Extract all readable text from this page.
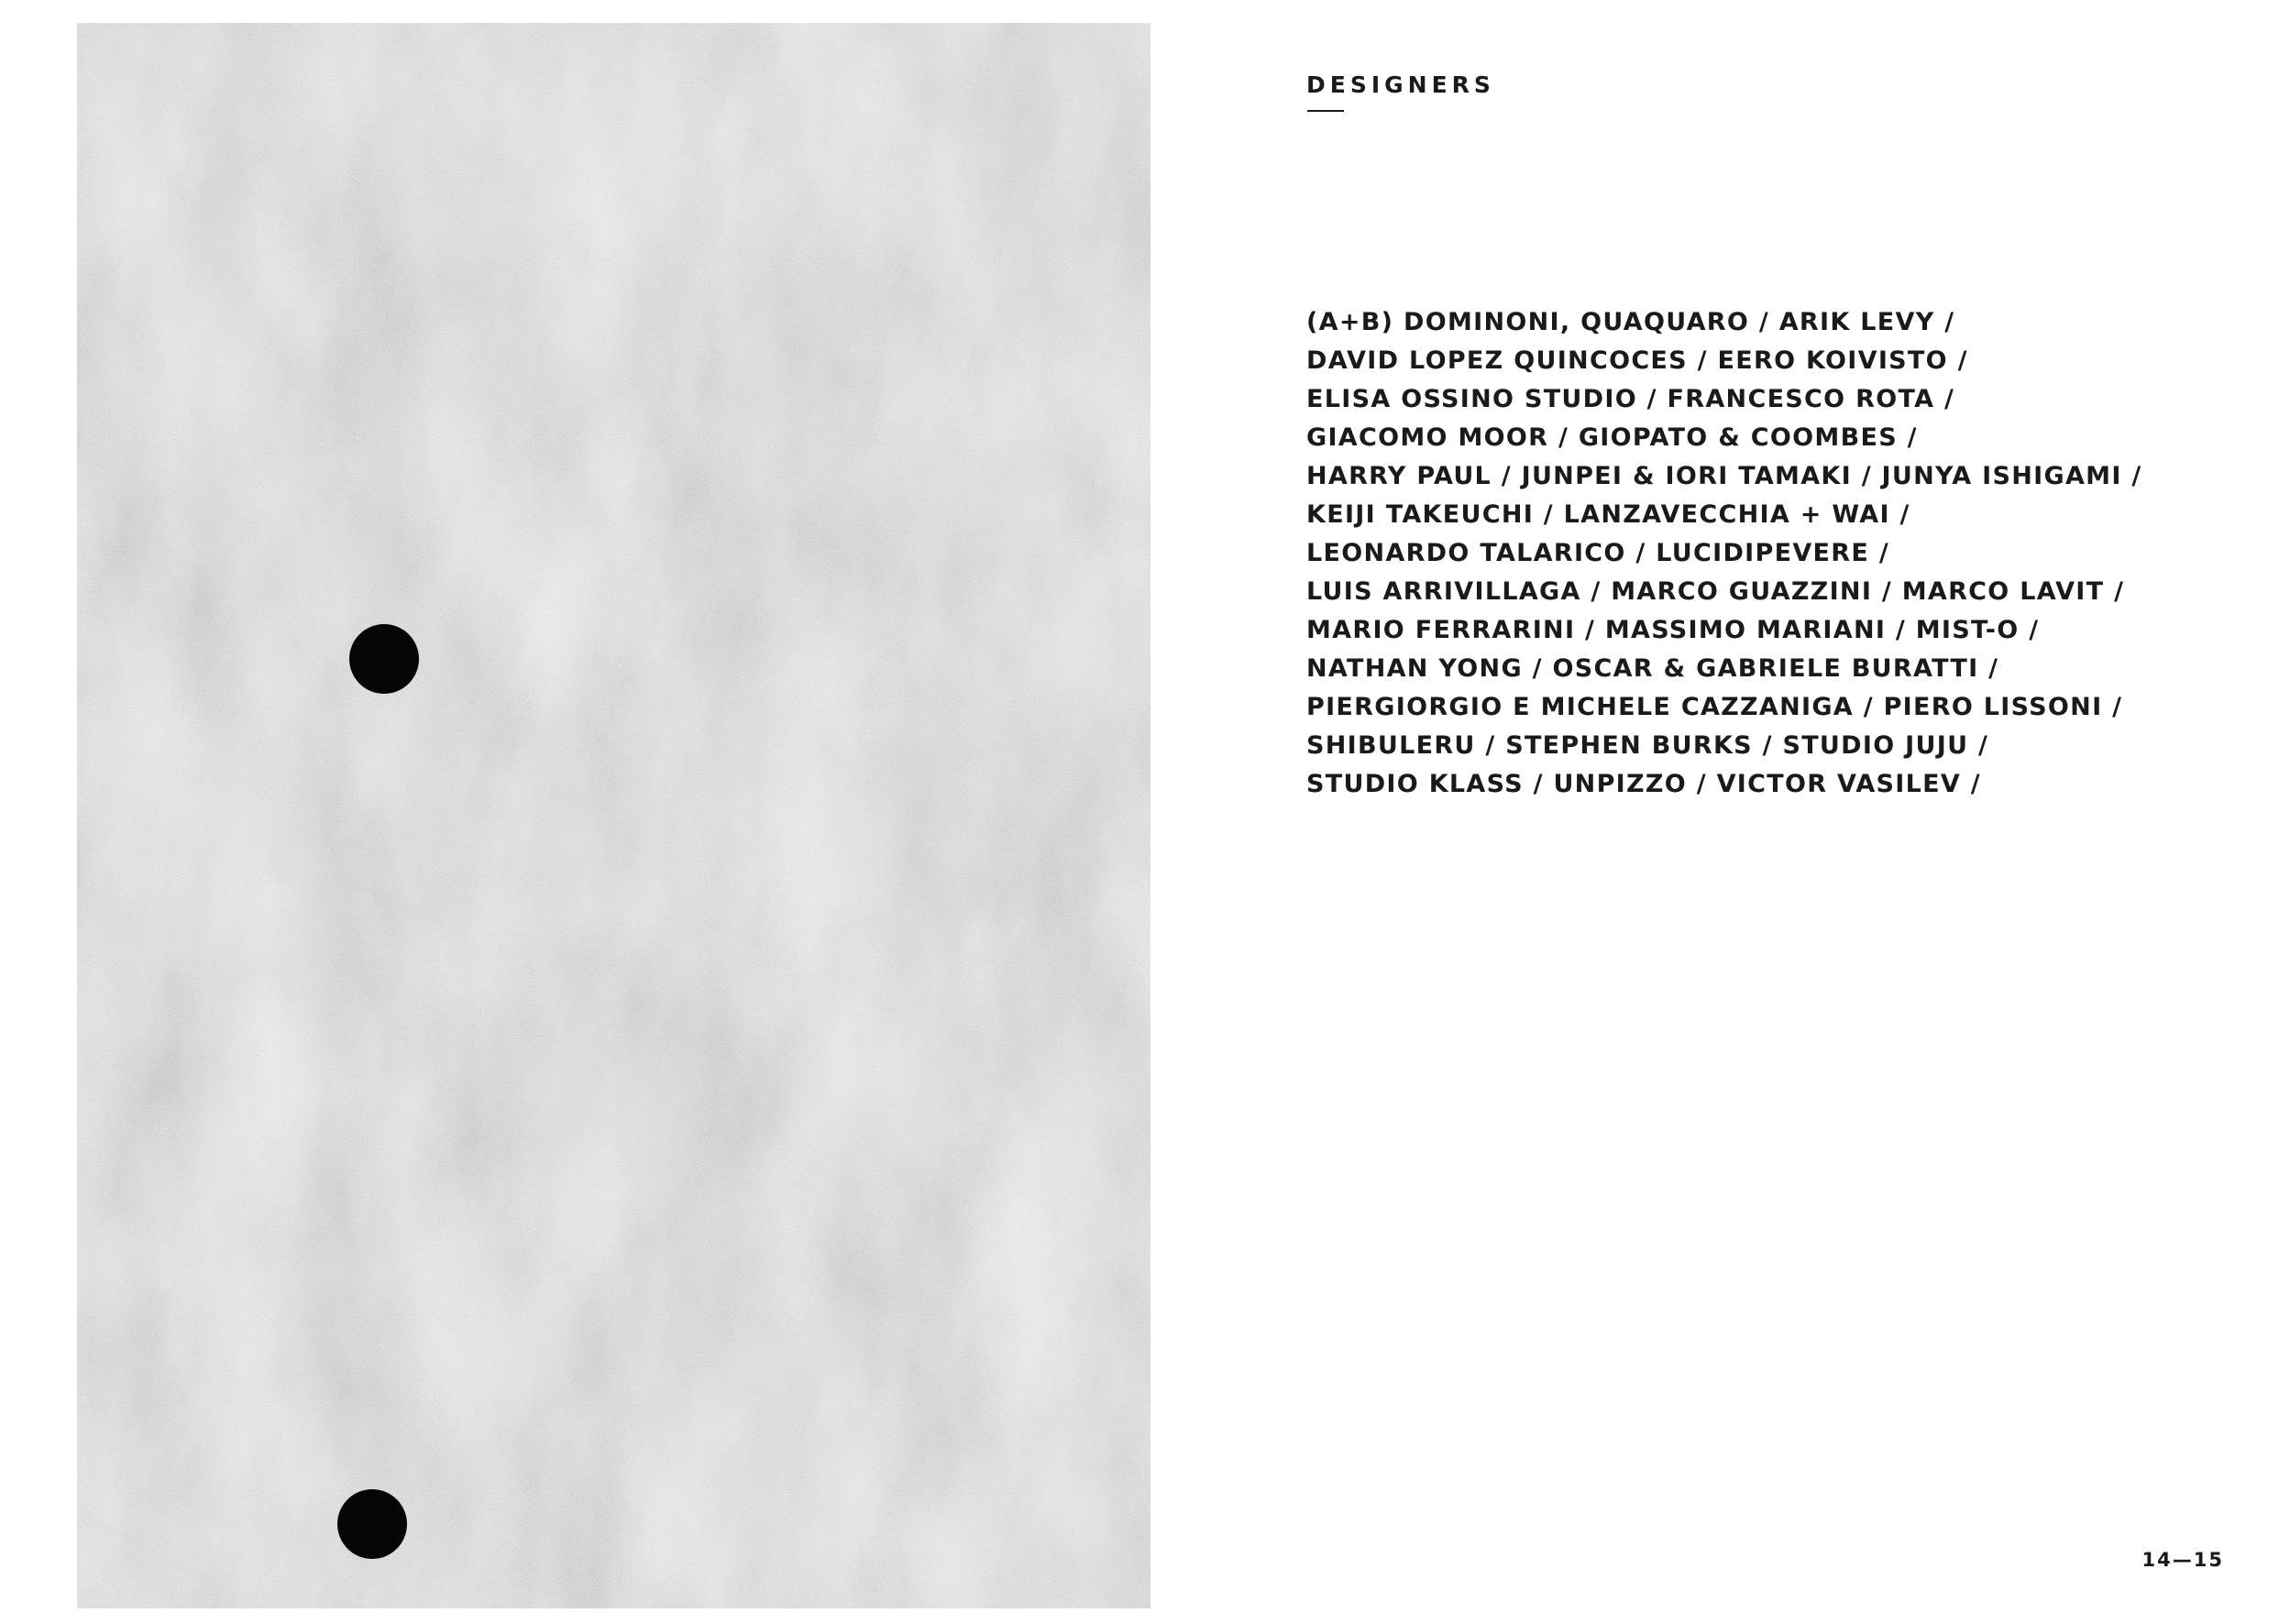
DESIGNERS
(A+B) DOMINONI, QUAQUARO / ARIK LEVY /
DAVID LOPEZ QUINCOCES / EERO KOIVISTO /
ELISA OSSINO STUDIO / FRANCESCO ROTA /
GIACOMO MOOR / GIOPATO & COOMBES /
HARRY PAUL / JUNPEI & IORI TAMAKI / JUNYA ISHIGAMI /
KEIJI TAKEUCHI / LANZAVECCHIA + WAI /
LEONARDO TALARICO / LUCIDIPEVERE /
LUIS ARRIVILLAGA / MARCO GUAZZINI / MARCO LAVIT /
MARIO FERRARINI / MASSIMO MARIANI / MIST-O /
NATHAN YONG / OSCAR & GABRIELE BURATTI /
PIERGIORGIO E MICHELE CAZZANIGA / PIERO LISSONI /
SHIBULERU / STEPHEN BURKS / STUDIO JUJU /
STUDIO KLASS / UNPIZZO / VICTOR VASILEV /
14—15
